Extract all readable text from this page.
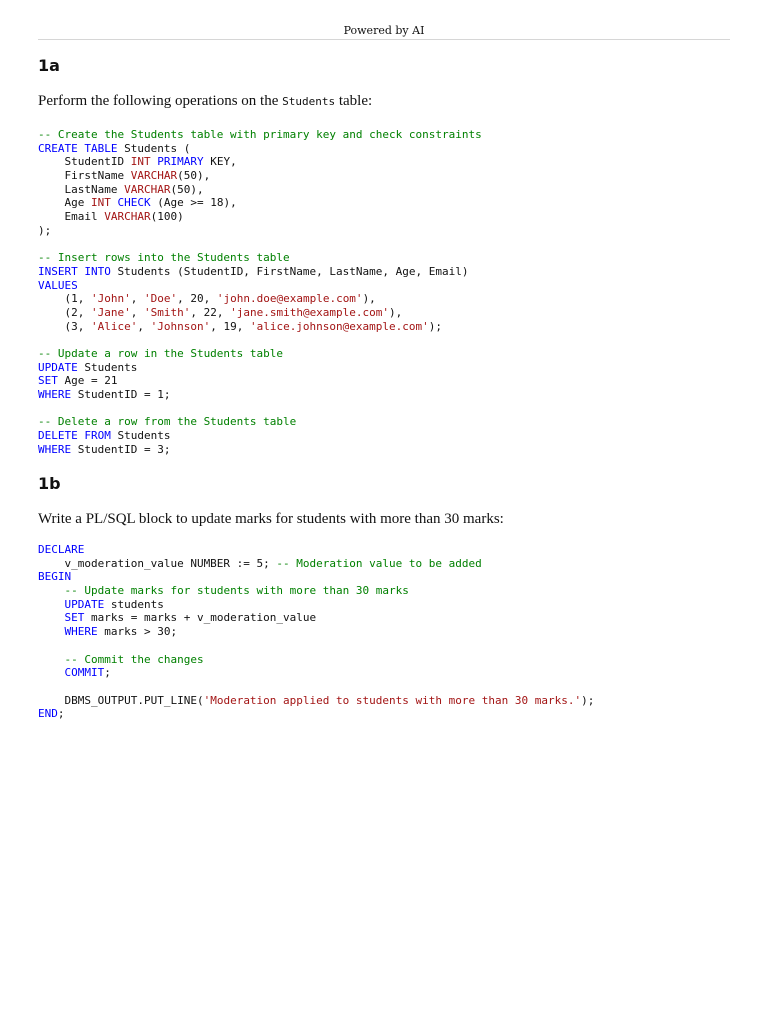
Powered by AI
1a

Perform the following operations on the Students table:

-- Create the Students table with primary key and check constraints
CREATE TABLE Students (
StudentID INT PRIMARY KEY,
FirstName VARCHAR(50),
LastName VARCHAR(50),
Age INT CHECK (Age >= 18),
Email VARCHAR(100)
);

-- Insert rows into the Students table
INSERT INTO Students (StudentID, FirstName, LastName, Age, Email)
VALUES
(1, 'John', 'Doe', 20, 'john.doe@example.com'),
(2, 'Jane', 'Smith', 22, 'jane.smith@example.com'),
(3, 'Alice', 'Johnson', 19, 'alice.johnson@example.com');

-- Update a row in the Students table
UPDATE Students
SET Age = 21
WHERE StudentID = 1;

-- Delete a row from the Students table
DELETE FROM Students
WHERE StudentID = 3;
1b

Write a PL/SQL block to update marks for students with more than 30 marks:

DECLARE
v_moderation_value NUMBER := 5; -- Moderation value to be added
BEGIN
-- Update marks for students with more than 30 marks
UPDATE students
SET marks = marks + v_moderation_value
WHERE marks > 30;

-- Commit the changes
COMMIT;

DBMS_OUTPUT.PUT_LINE('Moderation applied to students with more than 30 marks.');
END;
